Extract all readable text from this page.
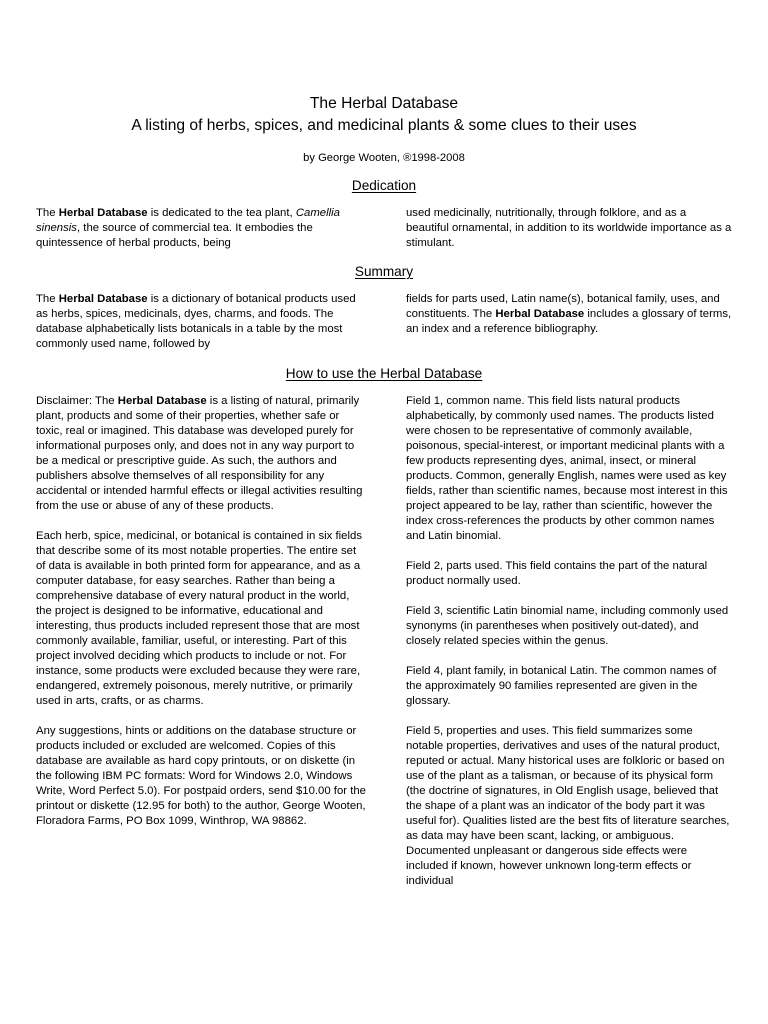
The Herbal Database
A listing of herbs, spices, and medicinal plants & some clues to their uses

by George Wooten, ®1998-2008

Dedication

The Herbal Database is dedicated to the tea plant, Camellia sinensis, the source of commercial tea. It embodies the quintessence of herbal products, being

used medicinally, nutritionally, through folklore, and as a beautiful ornamental, in addition to its worldwide importance as a stimulant.

Summary

The Herbal Database is a dictionary of botanical products used as herbs, spices, medicinals, dyes, charms, and foods. The database alphabetically lists botanicals in a table by the most commonly used name, followed by

fields for parts used, Latin name(s), botanical family, uses, and constituents. The Herbal Database includes a glossary of terms, an index and a reference bibliography.

How to use the Herbal Database

Disclaimer: The Herbal Database is a listing of natural, primarily plant, products and some of their properties, whether safe or toxic, real or imagined. This database was developed purely for informational purposes only, and does not in any way purport to be a medical or prescriptive guide. As such, the authors and publishers absolve themselves of all responsibility for any accidental or intended harmful effects or illegal activities resulting from the use or abuse of any of these products.

Each herb, spice, medicinal, or botanical is contained in six fields that describe some of its most notable properties. The entire set of data is available in both printed form for appearance, and as a computer database, for easy searches. Rather than being a comprehensive database of every natural product in the world, the project is designed to be informative, educational and interesting, thus products included represent those that are most commonly available, familiar, useful, or interesting. Part of this project involved deciding which products to include or not. For instance, some products were excluded because they were rare, endangered, extremely poisonous, merely nutritive, or primarily used in arts, crafts, or as charms.

Any suggestions, hints or additions on the database structure or products included or excluded are welcomed. Copies of this database are available as hard copy printouts, or on diskette (in the following IBM PC formats: Word for Windows 2.0, Windows Write, Word Perfect 5.0). For postpaid orders, send $10.00 for the printout or diskette (12.95 for both) to the author, George Wooten, Floradora Farms, PO Box 1099, Winthrop, WA 98862.

Field 1, common name. This field lists natural products alphabetically, by commonly used names. The products listed were chosen to be representative of commonly available, poisonous, special-interest, or important medicinal plants with a few products representing dyes, animal, insect, or mineral products. Common, generally English, names were used as key fields, rather than scientific names, because most interest in this project appeared to be lay, rather than scientific, however the index cross-references the products by other common names and Latin binomial.

Field 2, parts used. This field contains the part of the natural product normally used.

Field 3, scientific Latin binomial name, including commonly used synonyms (in parentheses when positively out-dated), and closely related species within the genus.

Field 4, plant family, in botanical Latin. The common names of the approximately 90 families represented are given in the glossary.

Field 5, properties and uses. This field summarizes some notable properties, derivatives and uses of the natural product, reputed or actual. Many historical uses are folkloric or based on use of the plant as a talisman, or because of its physical form (the doctrine of signatures, in Old English usage, believed that the shape of a plant was an indicator of the body part it was useful for). Qualities listed are the best fits of literature searches, as data may have been scant, lacking, or ambiguous. Documented unpleasant or dangerous side effects were included if known, however unknown long-term effects or individual
